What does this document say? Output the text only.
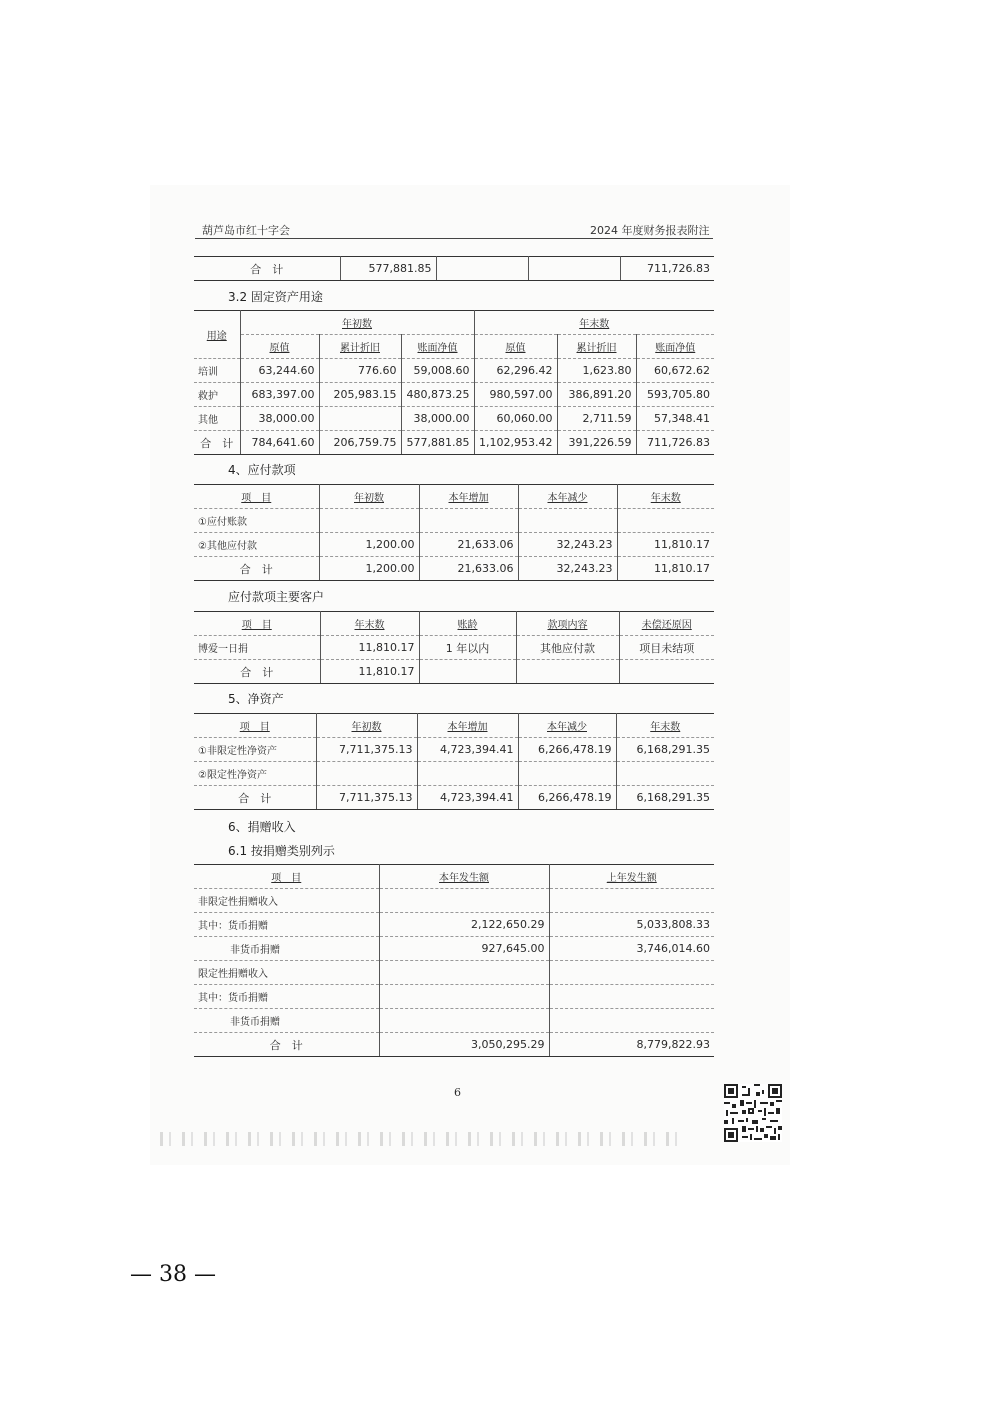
葫芦岛市红十字会	2024 年度财务报表附注
合　计	577,881.85			711,726.83
3.2 固定资产用途
用途	年初数			年末数		
	原值	累计折旧	账面净值	原值	累计折旧	账面净值
培训	63,244.60	776.60	59,008.60	62,296.42	1,623.80	60,672.62
救护	683,397.00	205,983.15	480,873.25	980,597.00	386,891.20	593,705.80
其他	38,000.00		38,000.00	60,060.00	2,711.59	57,348.41
合　计	784,641.60	206,759.75	577,881.85	1,102,953.42	391,226.59	711,726.83
4、应付款项
项　目	年初数	本年增加	本年减少	年末数
①应付账款				
②其他应付款	1,200.00	21,633.06	32,243.23	11,810.17
合　计	1,200.00	21,633.06	32,243.23	11,810.17
应付款项主要客户
项　目	年末数	账龄	款项内容	未偿还原因
博爱一日捐	11,810.17	1 年以内	其他应付款	项目未结项
合　计	11,810.17			
5、净资产
项　目	年初数	本年增加	本年减少	年末数
①非限定性净资产	7,711,375.13	4,723,394.41	6,266,478.19	6,168,291.35
②限定性净资产				
合　计	7,711,375.13	4,723,394.41	6,266,478.19	6,168,291.35
6、捐赠收入
6.1 按捐赠类别列示
项　目	本年发生额	上年发生额
非限定性捐赠收入		
其中：货币捐赠	2,122,650.29	5,033,808.33
非货币捐赠	927,645.00	3,746,014.60
限定性捐赠收入		
其中：货币捐赠		
非货币捐赠		
合　计	3,050,295.29	8,779,822.93
6
— 38 —
